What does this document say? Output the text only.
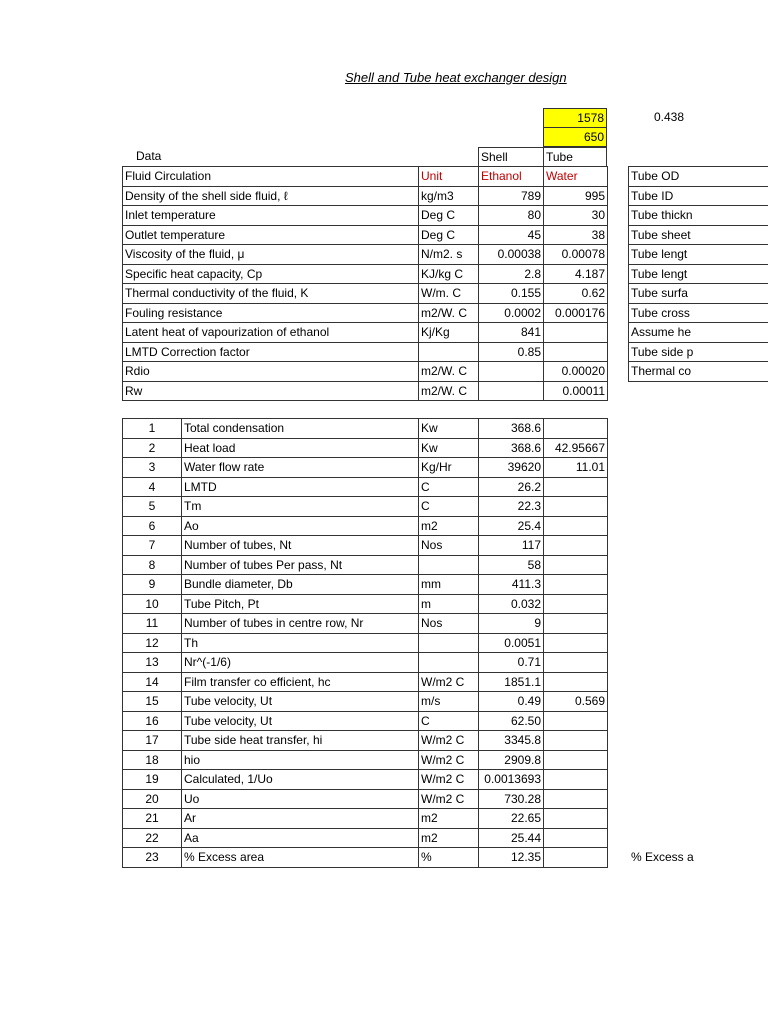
Shell and Tube heat exchanger design
1578
650
0.438
Data	Shell	Tube
Fluid Circulation	Unit	Ethanol	Water
Density of the shell side fluid, ℓ	kg/m3	789	995
Inlet temperature	Deg C	80	30
Outlet temperature	Deg C	45	38
Viscosity of the fluid, μ	N/m2. s	0.00038	0.00078
Specific heat capacity, Cp	KJ/kg C	2.8	4.187
Thermal conductivity of the fluid, K	W/m. C	0.155	0.62
Fouling resistance	m2/W. C	0.0002	0.000176
Latent heat of vapourization of ethanol	Kj/Kg	841	
LMTD Correction factor		0.85	
Rdio	m2/W. C		0.00020
Rw	m2/W. C		0.00011
Tube OD
Tube ID
Tube thickn
Tube sheet
Tube lengt
Tube lengt
Tube surfa
Tube cross
Assume he
Tube side p
Thermal co
1	Total condensation	Kw	368.6	
2	Heat load	Kw	368.6	42.95667
3	Water flow rate	Kg/Hr	39620	11.01
4	LMTD	C	26.2	
5	Tm	C	22.3	
6	Ao	m2	25.4	
7	Number of tubes, Nt	Nos	117	
8	Number of tubes Per pass, Nt		58	
9	Bundle diameter, Db	mm	411.3	
10	Tube Pitch, Pt	m	0.032	
11	Number of tubes in centre row, Nr	Nos	9	
12	Th		0.0051	
13	Nr^(-1/6)		0.71	
14	Film transfer co efficient, hc	W/m2 C	1851.1	
15	Tube velocity, Ut	m/s	0.49	0.569
16	Tube velocity, Ut	C	62.50	
17	Tube side heat transfer, hi	W/m2 C	3345.8	
18	hio	W/m2 C	2909.8	
19	Calculated, 1/Uo	W/m2 C	0.0013693	
20	Uo	W/m2 C	730.28	
21	Ar	m2	22.65	
22	Aa	m2	25.44	
23	% Excess area	%	12.35		% Excess a
